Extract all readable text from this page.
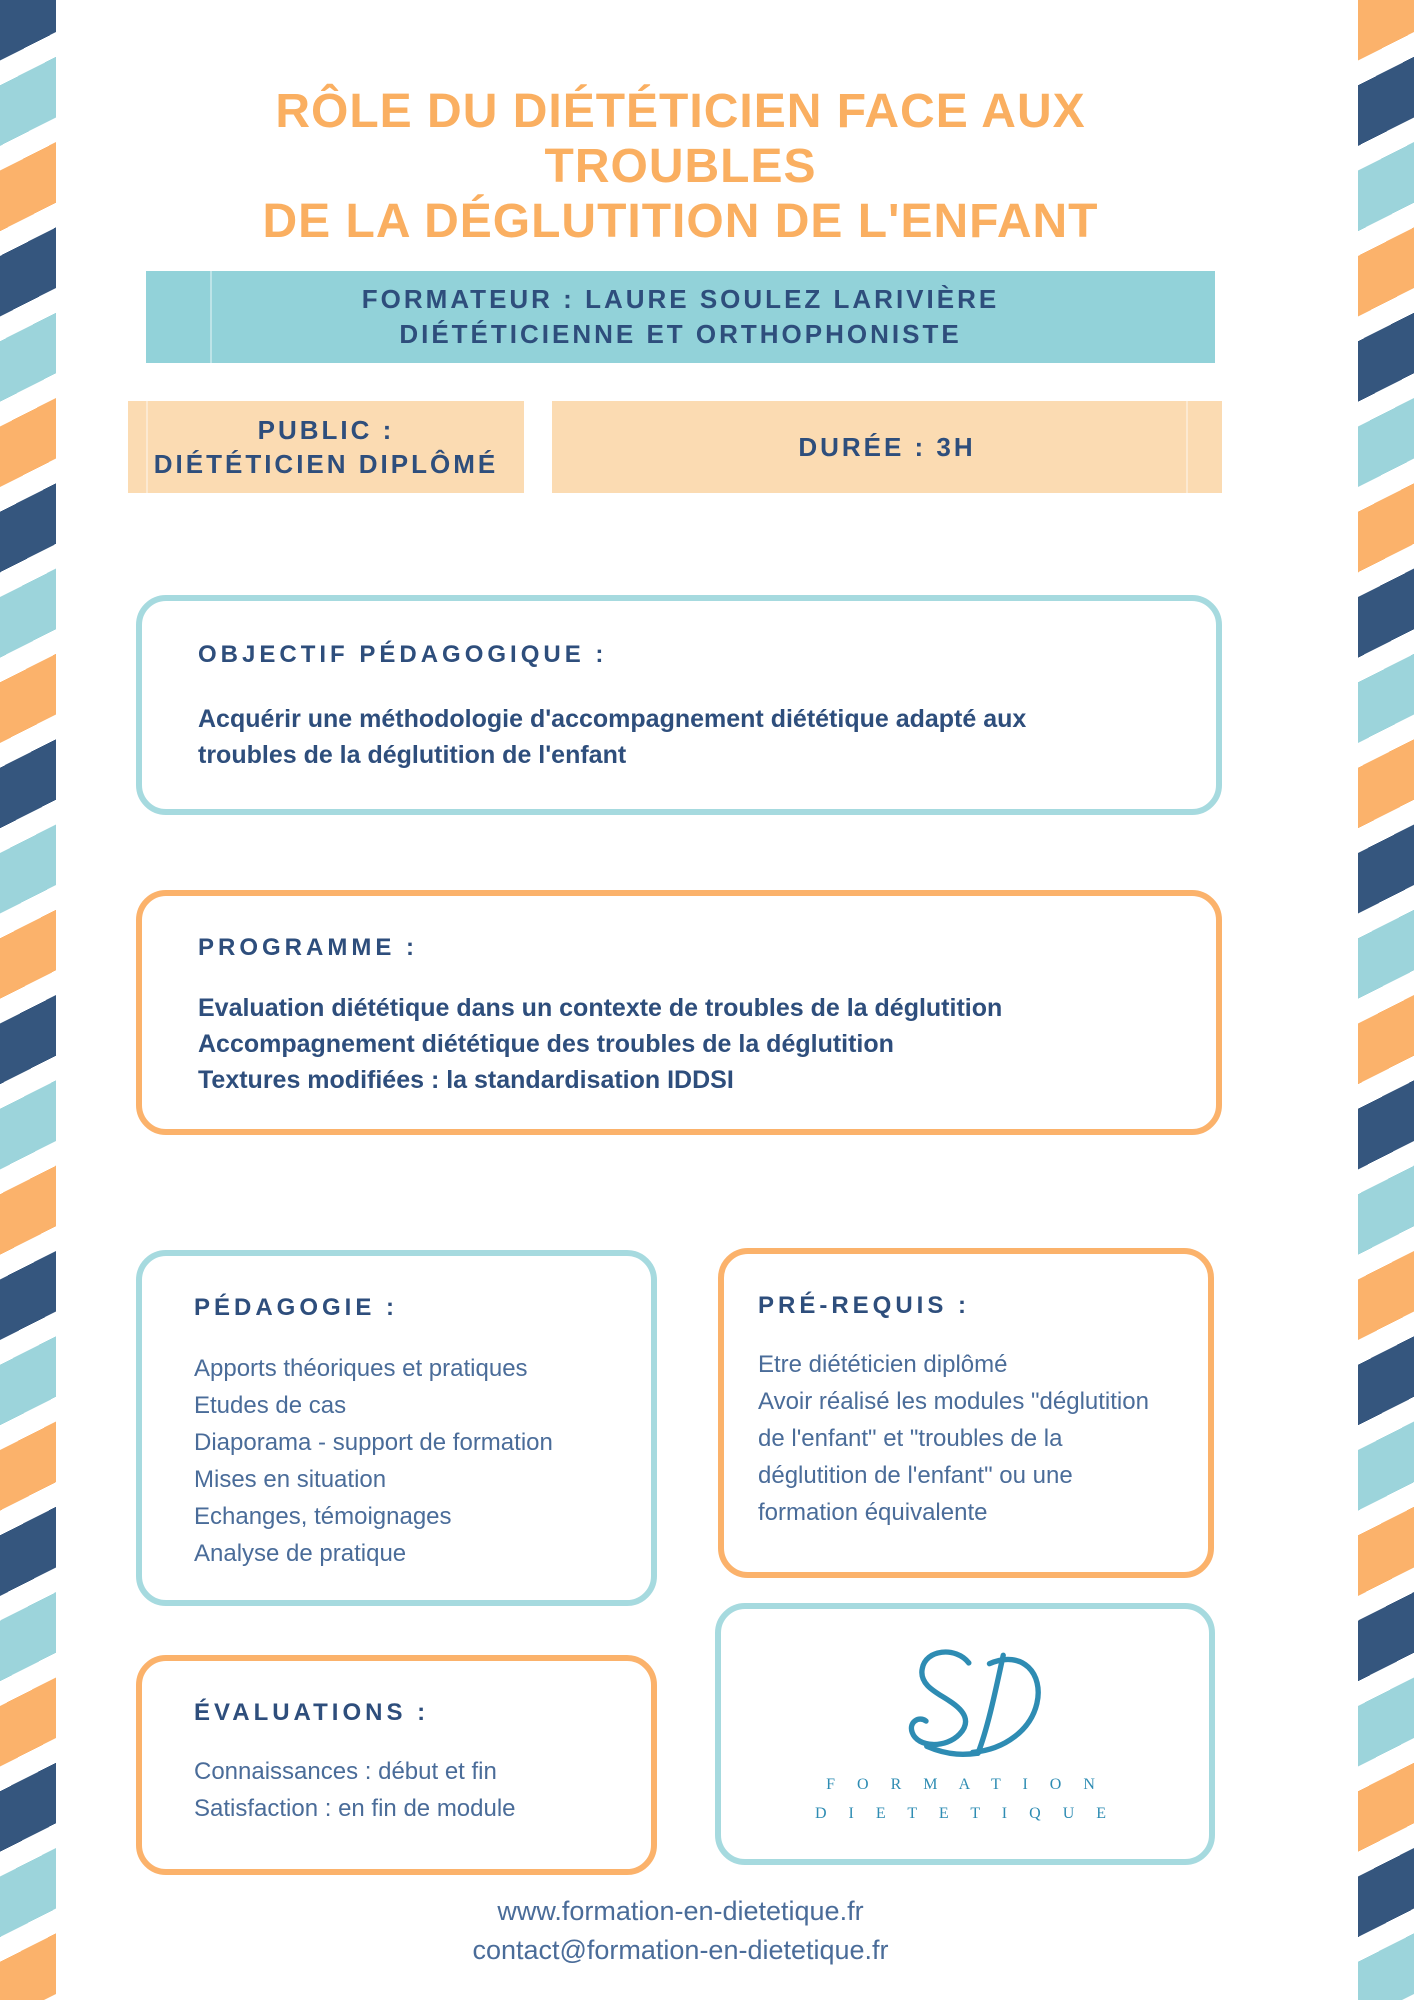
RÔLE DU DIÉTÉTICIEN FACE AUX TROUBLES
DE LA DÉGLUTITION DE L'ENFANT
FORMATEUR : LAURE SOULEZ LARIVIÈRE
DIÉTÉTICIENNE ET ORTHOPHONISTE
PUBLIC :
DIÉTÉTICIEN DIPLÔMÉ
DURÉE : 3H
OBJECTIF PÉDAGOGIQUE :
Acquérir une méthodologie d'accompagnement diététique adapté aux
troubles de la déglutition de l'enfant
PROGRAMME :
Evaluation diététique dans un contexte de troubles de la déglutition
Accompagnement diététique des troubles de la déglutition
Textures modifiées : la standardisation IDDSI
PÉDAGOGIE :
Apports théoriques et pratiques
Etudes de cas
Diaporama - support de formation
Mises en situation
Echanges, témoignages
Analyse de pratique
PRÉ-REQUIS :
Etre diététicien diplômé
Avoir réalisé les modules "déglutition
de l'enfant" et "troubles de la
déglutition de l'enfant" ou une
formation équivalente
ÉVALUATIONS :
Connaissances : début et fin
Satisfaction : en fin de module
F O R M A T I O N
D I E T E T I Q U E
www.formation-en-dietetique.fr
contact@formation-en-dietetique.fr
